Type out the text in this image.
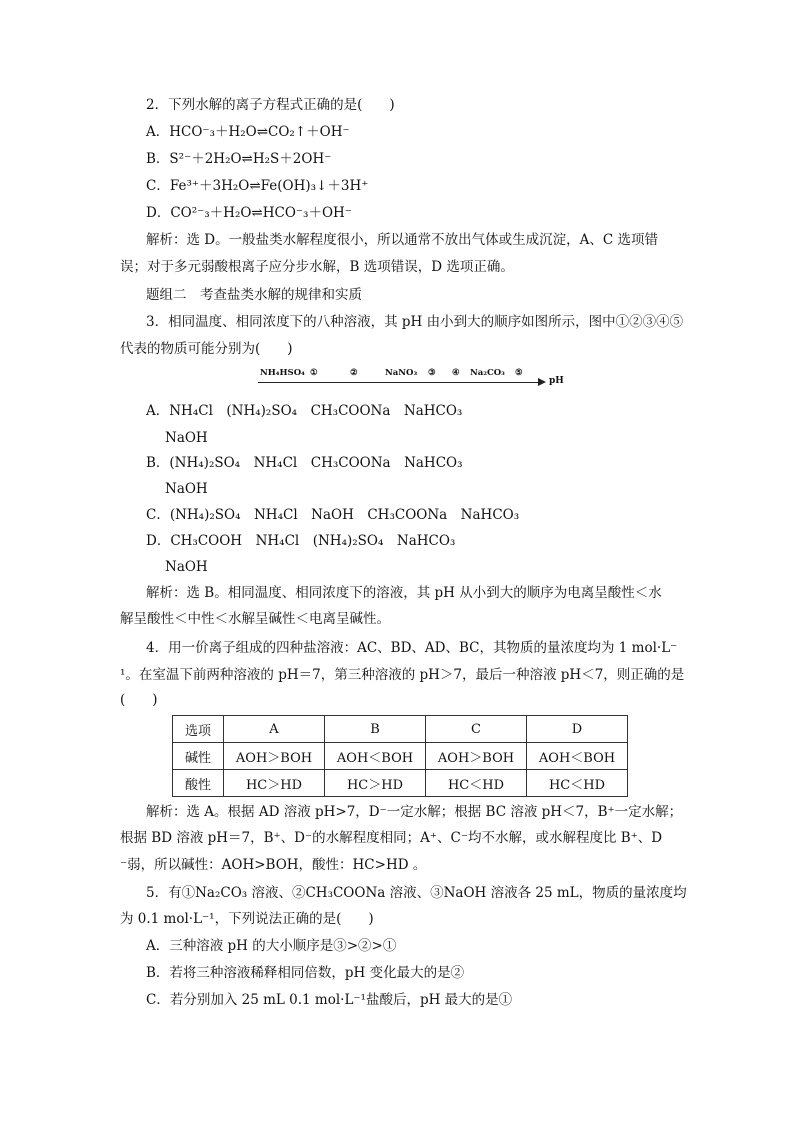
2．下列水解的离子方程式正确的是(　　)
A．HCO⁻₃＋H₂O⇌CO₂↑＋OH⁻
B．S²⁻＋2H₂O⇌H₂S＋2OH⁻
C．Fe³⁺＋3H₂O⇌Fe(OH)₃↓＋3H⁺
D．CO²⁻₃＋H₂O⇌HCO⁻₃＋OH⁻
解析：选 D。一般盐类水解程度很小，所以通常不放出气体或生成沉淀，A、C 选项错
误；对于多元弱酸根离子应分步水解，B 选项错误，D 选项正确。
题组二　考查盐类水解的规律和实质
3．相同温度、相同浓度下的八种溶液，其 pH 由小到大的顺序如图所示，图中①②③④⑤
代表的物质可能分别为(　　)
NH₄HSO₄ ①	②	NaNO₃ ③ ④ Na₂CO₃ ⑤
pH
A．NH₄Cl　(NH₄)₂SO₄　CH₃COONa　NaHCO₃
NaOH
B．(NH₄)₂SO₄　NH₄Cl　CH₃COONa　NaHCO₃
NaOH
C．(NH₄)₂SO₄　NH₄Cl　NaOH　CH₃COONa　NaHCO₃
D．CH₃COOH　NH₄Cl　(NH₄)₂SO₄　NaHCO₃
NaOH
解析：选 B。相同温度、相同浓度下的溶液，其 pH 从小到大的顺序为电离呈酸性＜水
解呈酸性＜中性＜水解呈碱性＜电离呈碱性。
4．用一价离子组成的四种盐溶液：AC、BD、AD、BC，其物质的量浓度均为 1 mol·L⁻
¹。在室温下前两种溶液的 pH＝7，第三种溶液的 pH＞7，最后一种溶液 pH＜7，则正确的是
(　　)
选项	A	B	C	D
碱性	AOH＞BOH	AOH＜BOH	AOH＞BOH	AOH＜BOH
酸性	HC＞HD	HC＞HD	HC＜HD	HC＜HD
解析：选 A。根据 AD 溶液 pH>7，D⁻一定水解；根据 BC 溶液 pH＜7，B⁺一定水解；
根据 BD 溶液 pH＝7，B⁺、D⁻的水解程度相同；A⁺、C⁻均不水解，或水解程度比 B⁺、D
⁻弱，所以碱性：AOH>BOH，酸性：HC>HD 。
5．有①Na₂CO₃ 溶液、②CH₃COONa 溶液、③NaOH 溶液各 25 mL，物质的量浓度均
为 0.1 mol·L⁻¹，下列说法正确的是(　　)
A．三种溶液 pH 的大小顺序是③>②>①
B．若将三种溶液稀释相同倍数，pH 变化最大的是②
C．若分别加入 25 mL 0.1 mol·L⁻¹盐酸后，pH 最大的是①
